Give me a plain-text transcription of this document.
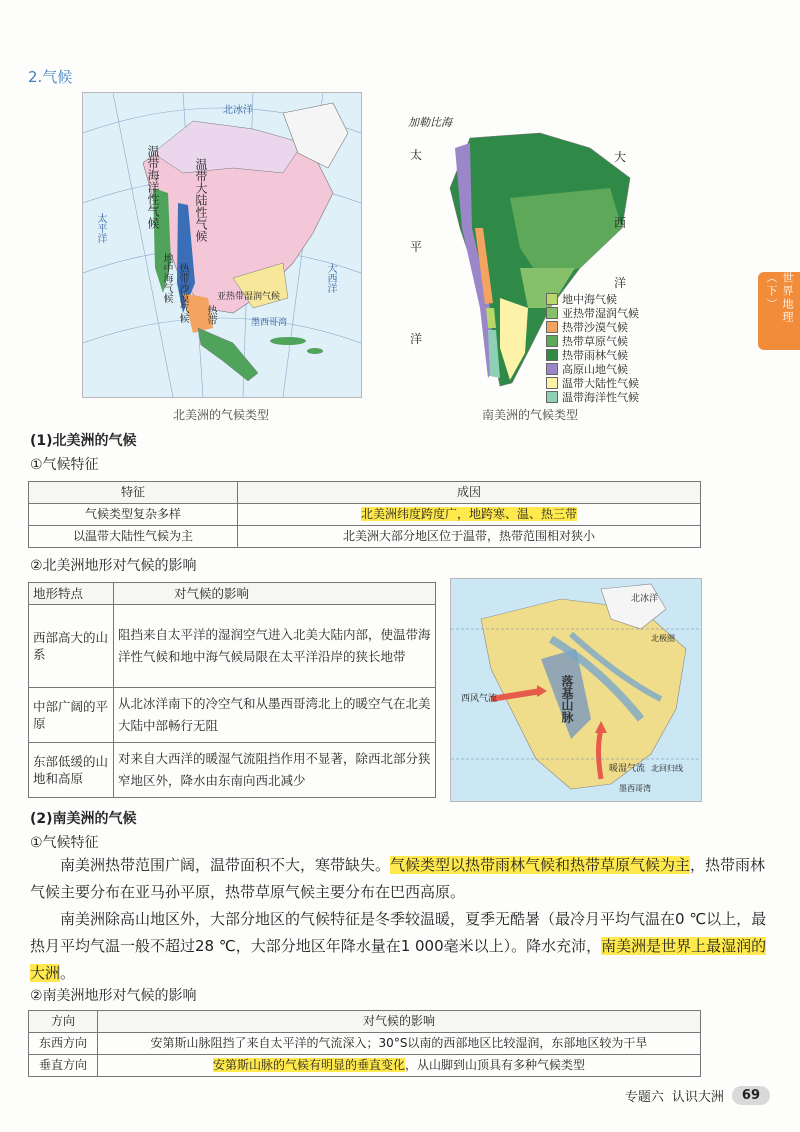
2.气候
世界地理（下）
温带海洋性气候	温带大陆性气候
热带沙漠气候
地中海气候	亚热带湿润气候
热带
太平洋
大西洋
北冰洋
墨西哥湾
北美洲的气候类型
加勒比海
太
平
洋
大
西
洋
地中海气候
亚热带湿润气候
热带沙漠气候
热带草原气候
热带雨林气候
高原山地气候
温带大陆性气候
温带海洋性气候
南美洲的气候类型
(1)北美洲的气候
①气候特征
特征	成因
气候类型复杂多样	北美洲纬度跨度广，地跨寒、温、热三带
以温带大陆性气候为主	北美洲大部分地区位于温带，热带范围相对狭小
②北美洲地形对气候的影响
地形特点	对气候的影响
西部高大的山系	阻挡来自太平洋的湿润空气进入北美大陆内部，使温带海洋性气候和地中海气候局限在太平洋沿岸的狭长地带
中部广阔的平原	从北冰洋南下的冷空气和从墨西哥湾北上的暖空气在北美大陆中部畅行无阻
东部低缓的山地和高原	对来自大西洋的暖湿气流阻挡作用不显著，除西北部分狭窄地区外，降水由东南向西北减少
西风气流	落基山脉
北冰洋
暖湿气流 北回归线
北极圈
墨西哥湾
(2)南美洲的气候
①气候特征

南美洲热带范围广阔，温带面积不大，寒带缺失。气候类型以热带雨林气候和热带草原气候为主，热带雨林气候主要分布在亚马孙平原，热带草原气候主要分布在巴西高原。

南美洲除高山地区外，大部分地区的气候特征是冬季较温暖，夏季无酷暑（最冷月平均气温在0 ℃以上，最热月平均气温一般不超过28 ℃，大部分地区年降水量在1 000毫米以上）。降水充沛，南美洲是世界上最湿润的大洲。

②南美洲地形对气候的影响
方向	对气候的影响
东西方向	安第斯山脉阻挡了来自太平洋的气流深入；30°S以南的西部地区比较湿润，东部地区较为干旱
垂直方向	安第斯山脉的气候有明显的垂直变化，从山脚到山顶具有多种气候类型
专题六 认识大洲	69
